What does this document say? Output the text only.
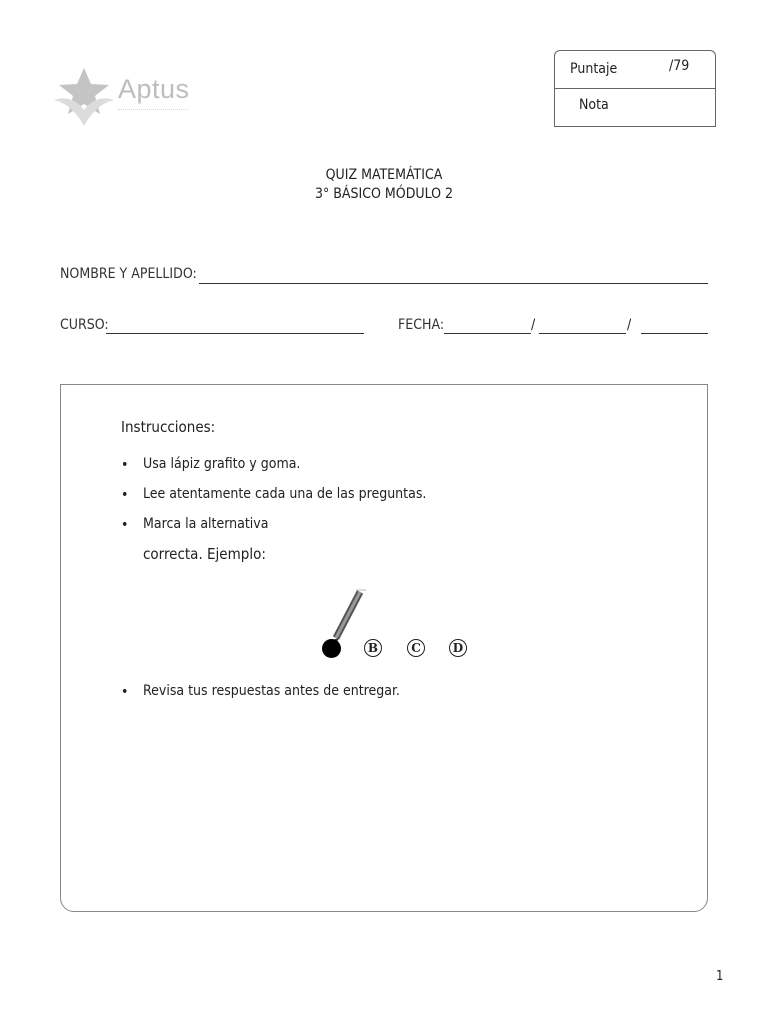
Aptus
Puntaje	/79
Nota
QUIZ MATEMÁTICA
3° BÁSICO MÓDULO 2
NOMBRE Y APELLIDO:
CURSO:	FECHA:	/	/
Instrucciones:
• Usa lápiz grafito y goma.
• Lee atentamente cada una de las preguntas.
• Marca la alternativa
correcta. Ejemplo:
B	C	D
• Revisa tus respuestas antes de entregar.
1
